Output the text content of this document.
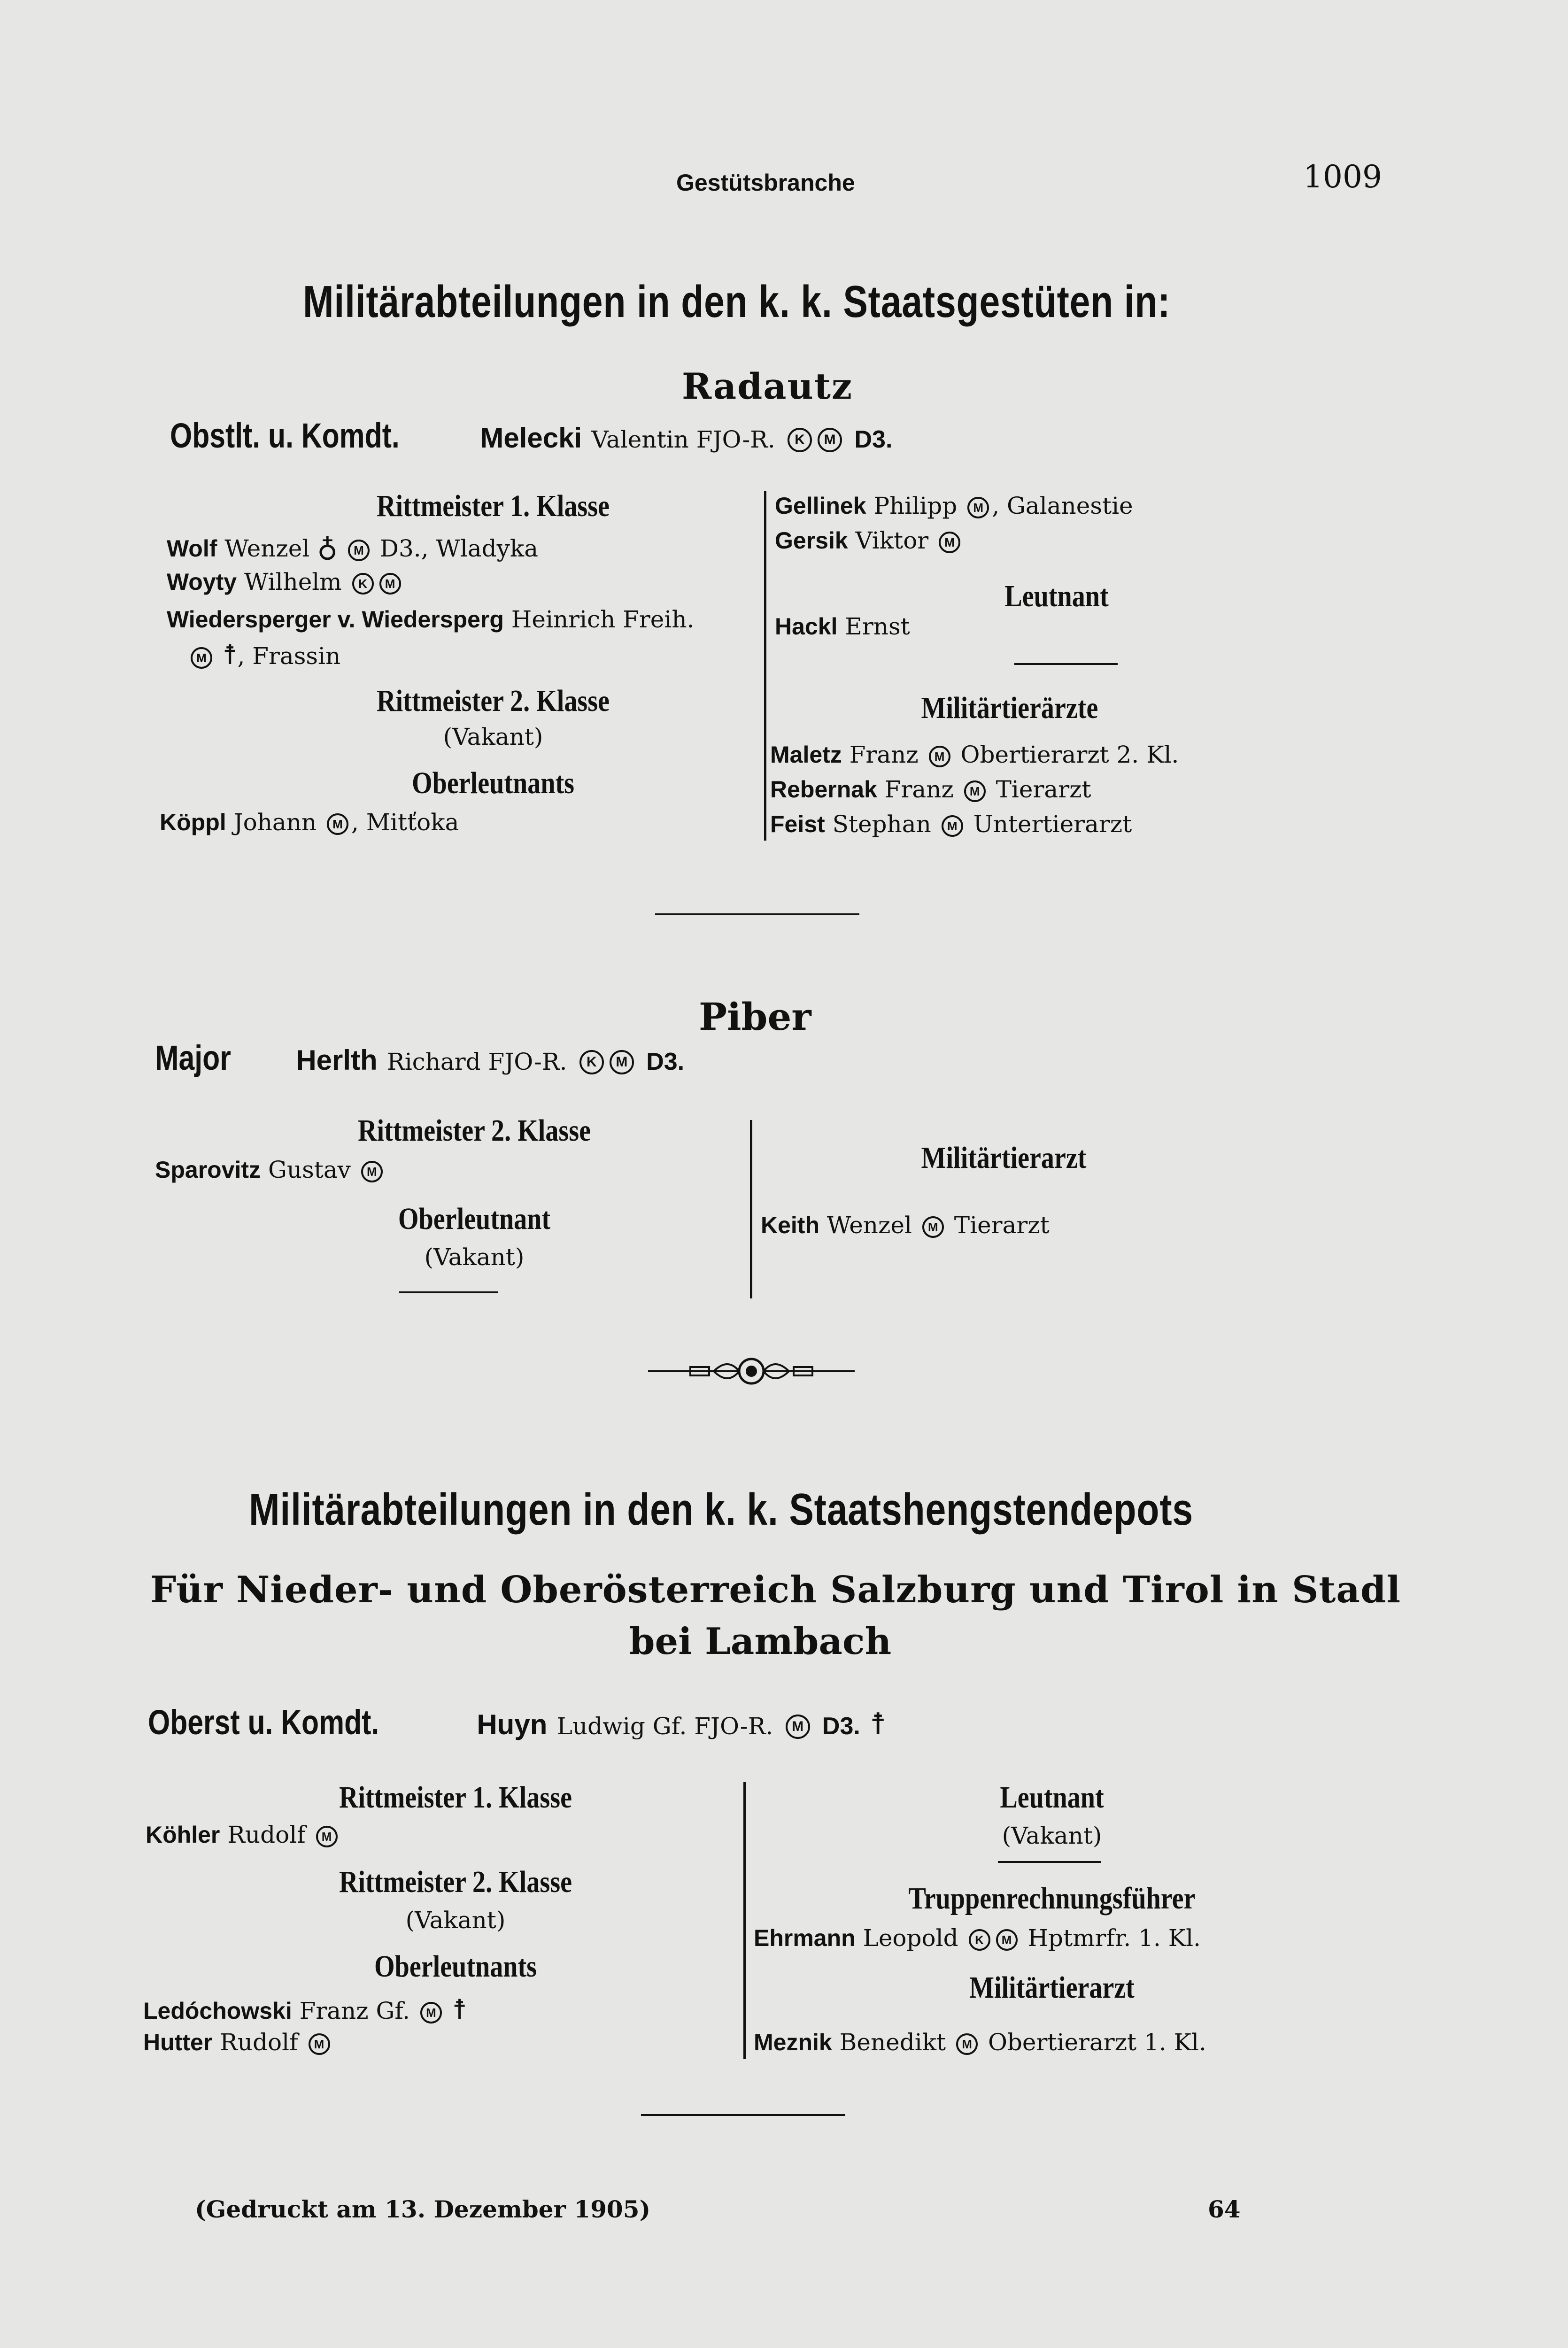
Gestütsbranche	1009
Militärabteilungen in den k. k. Staatsgestüten in:
Radautz
Obstlt. u. Komdt.	Melecki Valentin FJO-R. K M D3.
Rittmeister 1. Klasse
Wolf Wenzel ♁ M D3., Wladyka
Woyty Wilhelm K M
Wiedersperger v. Wiedersperg Heinrich Freih.
M ☨, Frassin
Rittmeister 2. Klasse
(Vakant)
Oberleutnants
Köppl Johann M , Mitťoka
Gellinek Philipp M , Galanestie
Gersik Viktor M
Leutnant
Hackl Ernst
Militärtierärzte
Maletz Franz M Obertierarzt 2. Kl.
Rebernak Franz M Tierarzt
Feist Stephan M Untertierarzt
Piber
Major Herlth Richard FJO-R. K M D3.
Rittmeister 2. Klasse
Sparovitz Gustav M
Oberleutnant
(Vakant)
Militärtierarzt
Keith Wenzel M Tierarzt
Militärabteilungen in den k. k. Staatshengstendepots
Für Nieder- und Oberösterreich Salzburg und Tirol in Stadl
bei Lambach
Oberst u. Komdt.	Huyn Ludwig Gf. FJO-R. M D3. ☨
Rittmeister 1. Klasse
Köhler Rudolf M
Rittmeister 2. Klasse
(Vakant)
Oberleutnants
Ledóchowski Franz Gf. M ☨
Hutter Rudolf M
Leutnant
(Vakant)
Truppenrechnungsführer
Ehrmann Leopold K M Hptmrfr. 1. Kl.
Militärtierarzt
Meznik Benedikt M Obertierarzt 1. Kl.
(Gedruckt am 13. Dezember 1905)	64
